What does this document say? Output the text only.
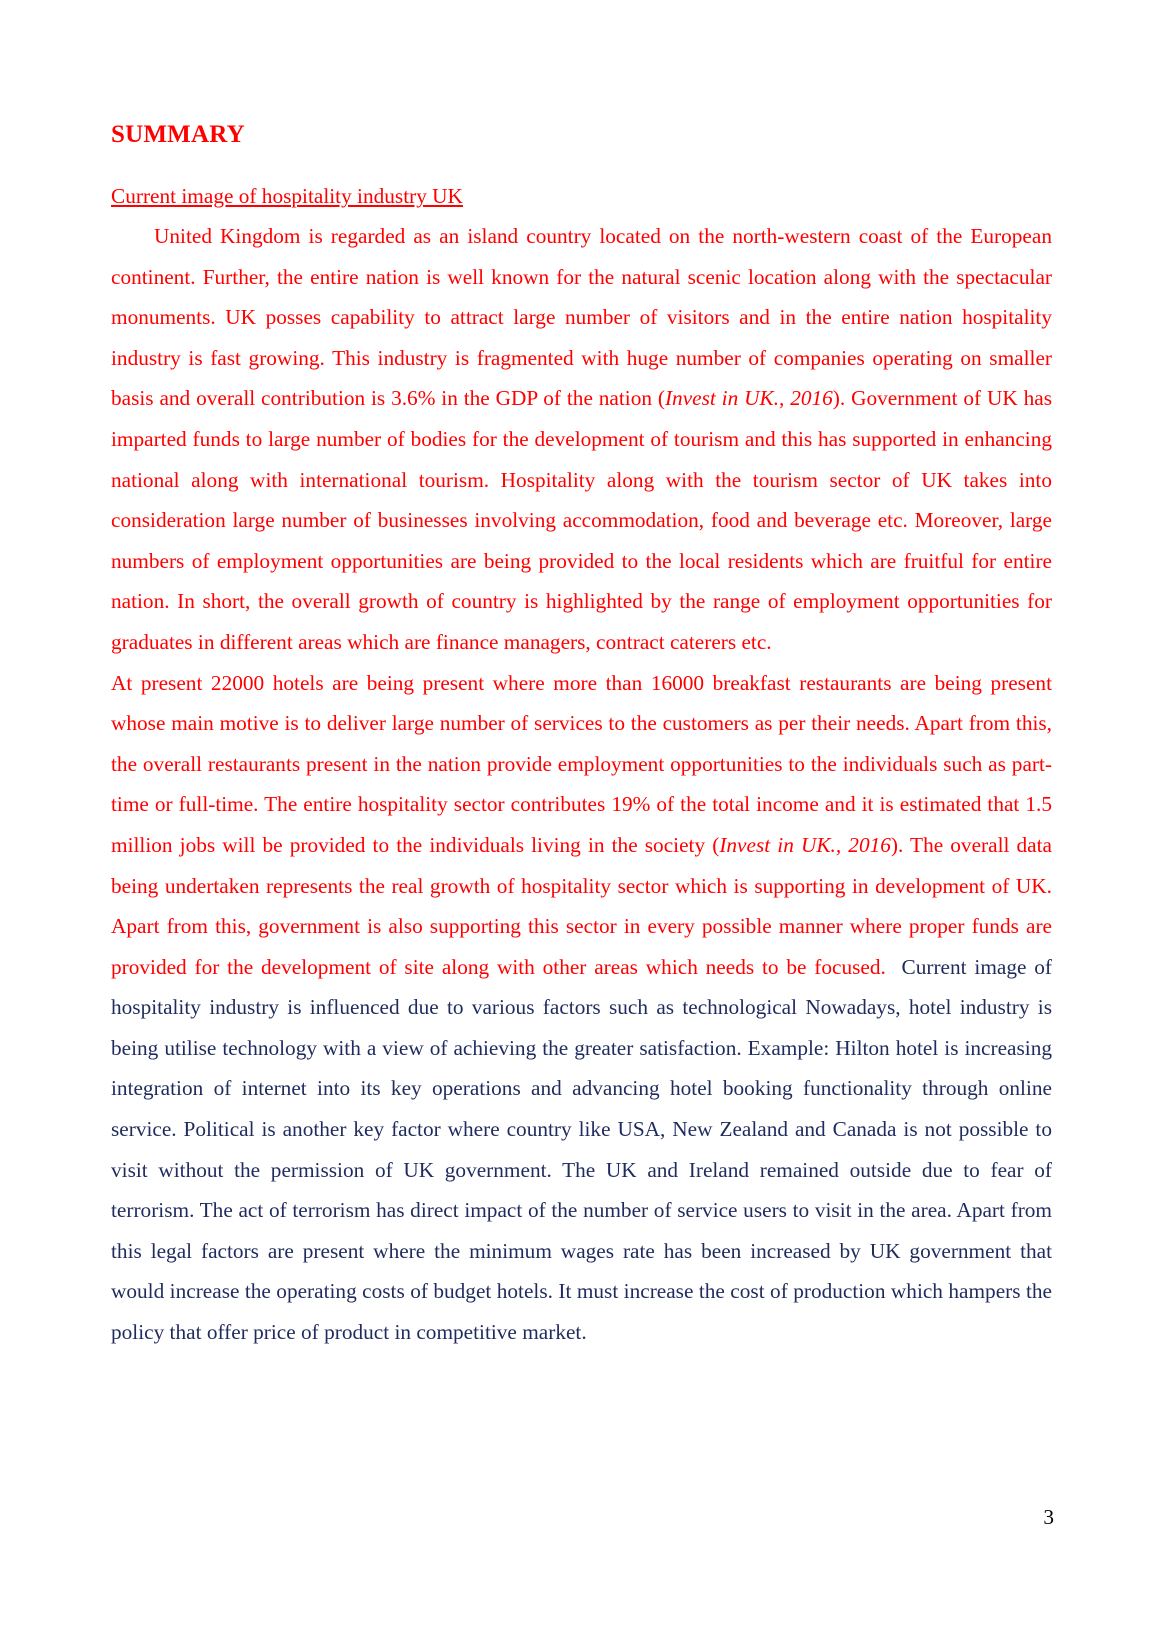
SUMMARY

Current image of hospitality industry UK

United Kingdom is regarded as an island country located on the north-western coast of the European continent. Further, the entire nation is well known for the natural scenic location along with the spectacular monuments. UK posses capability to attract large number of visitors and in the entire nation hospitality industry is fast growing. This industry is fragmented with huge number of companies operating on smaller basis and overall contribution is 3.6% in the GDP of the nation (Invest in UK., 2016). Government of UK has imparted funds to large number of bodies for the development of tourism and this has supported in enhancing national along with international tourism. Hospitality along with the tourism sector of UK takes into consideration large number of businesses involving accommodation, food and beverage etc. Moreover, large numbers of employment opportunities are being provided to the local residents which are fruitful for entire nation. In short, the overall growth of country is highlighted by the range of employment opportunities for graduates in different areas which are finance managers, contract caterers etc.

At present 22000 hotels are being present where more than 16000 breakfast restaurants are being present whose main motive is to deliver large number of services to the customers as per their needs. Apart from this, the overall restaurants present in the nation provide employment opportunities to the individuals such as part-time or full-time. The entire hospitality sector contributes 19% of the total income and it is estimated that 1.5 million jobs will be provided to the individuals living in the society (Invest in UK., 2016). The overall data being undertaken represents the real growth of hospitality sector which is supporting in development of UK. Apart from this, government is also supporting this sector in every possible manner where proper funds are provided for the development of site along with other areas which needs to be focused. Current image of hospitality industry is influenced due to various factors such as technological Nowadays, hotel industry is being utilise technology with a view of achieving the greater satisfaction. Example: Hilton hotel is increasing integration of internet into its key operations and advancing hotel booking functionality through online service. Political is another key factor where country like USA, New Zealand and Canada is not possible to visit without the permission of UK government. The UK and Ireland remained outside due to fear of terrorism. The act of terrorism has direct impact of the number of service users to visit in the area. Apart from this legal factors are present where the minimum wages rate has been increased by UK government that would increase the operating costs of budget hotels. It must increase the cost of production which hampers the policy that offer price of product in competitive market.

3
